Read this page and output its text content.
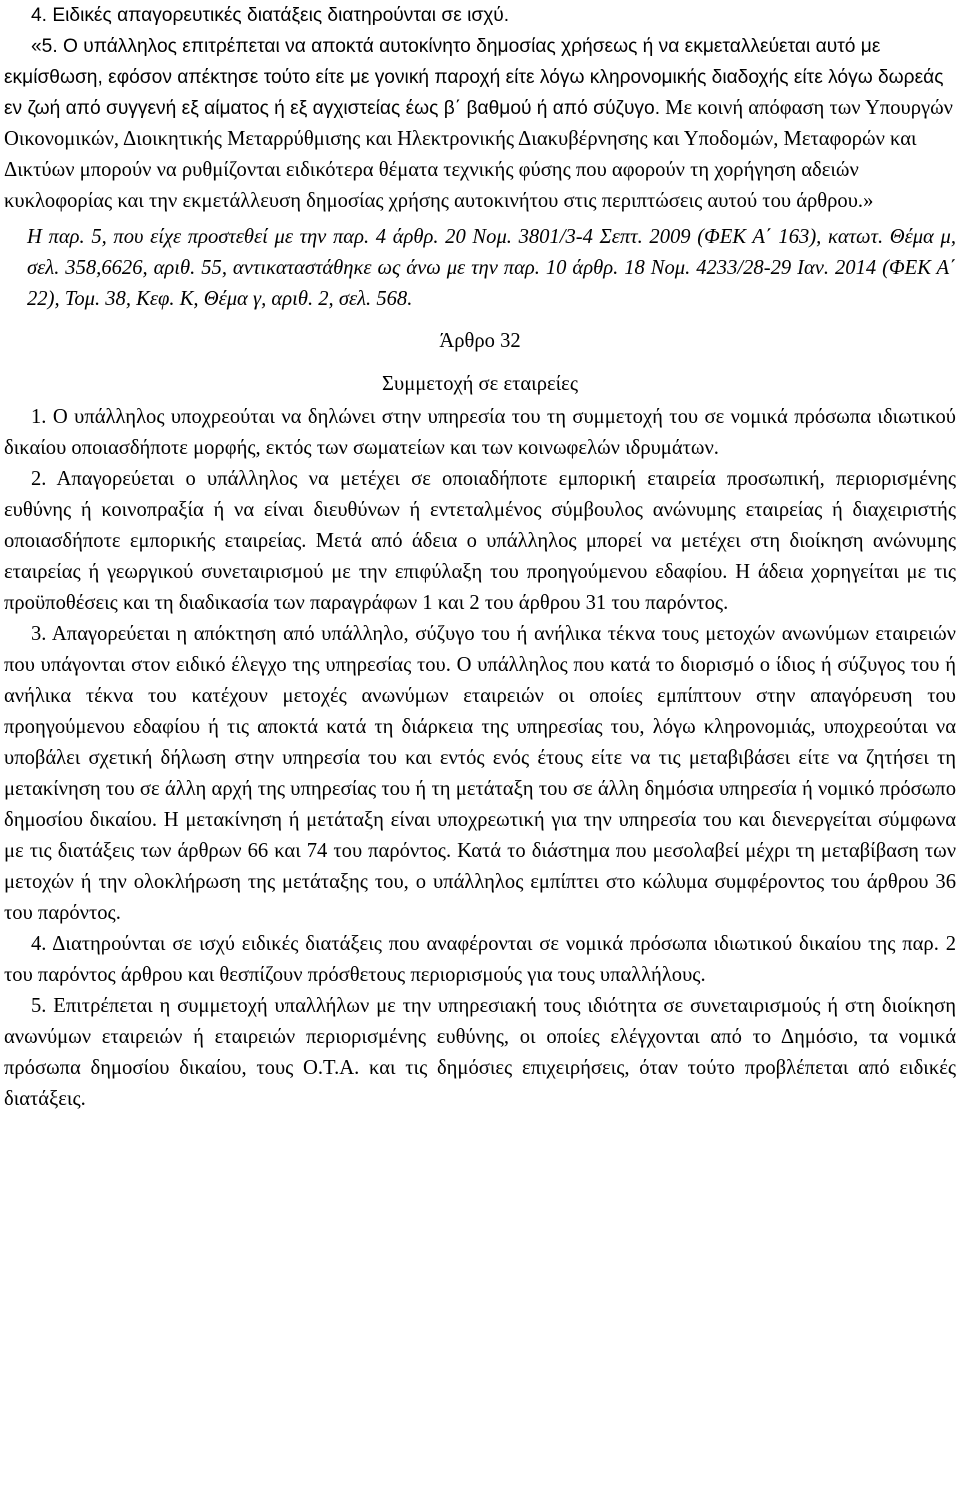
4. Ειδικές απαγορευτικές διατάξεις διατηρούνται σε ισχύ.

«5. Ο υπάλληλος επιτρέπεται να αποκτά αυτοκίνητο δημοσίας χρήσεως ή να εκμεταλλεύεται αυτό με εκμίσθωση, εφόσον απέκτησε τούτο είτε με γονική παροχή είτε λόγω κληρονομικής διαδοχής είτε λόγω δωρεάς εν ζωή από συγγενή εξ αίματος ή εξ αγχιστείας έως β΄ βαθμού ή από σύζυγο. Με κοινή απόφαση των Υπουργών Οικονομικών, Διοικητικής Μεταρρύθμισης και Ηλεκτρονικής Διακυβέρνησης και Υποδομών, Μεταφορών και Δικτύων μπορούν να ρυθμίζονται ειδικότερα θέματα τεχνικής φύσης που αφορούν τη χορήγηση αδειών κυκλοφορίας και την εκμετάλλευση δημοσίας χρήσης αυτοκινήτου στις περιπτώσεις αυτού του άρθρου.»

Η παρ. 5, που είχε προστεθεί με την παρ. 4 άρθρ. 20 Νομ. 3801/3-4 Σεπτ. 2009 (ΦΕΚ Α΄ 163), κατωτ. Θέμα μ, σελ. 358,6626, αριθ. 55, αντικαταστάθηκε ως άνω με την παρ. 10 άρθρ. 18 Νομ. 4233/28-29 Ιαν. 2014 (ΦΕΚ Α΄ 22), Τομ. 38, Κεφ. Κ, Θέμα γ, αριθ. 2, σελ. 568.

Άρθρο 32

Συμμετοχή σε εταιρείες

1. Ο υπάλληλος υποχρεούται να δηλώνει στην υπηρεσία του τη συμμετοχή του σε νομικά πρόσωπα ιδιωτικού δικαίου οποιασδήποτε μορφής, εκτός των σωματείων και των κοινωφελών ιδρυμάτων.

2. Απαγορεύεται ο υπάλληλος να μετέχει σε οποιαδήποτε εμπορική εταιρεία προσωπική, περιορισμένης ευθύνης ή κοινοπραξία ή να είναι διευθύνων ή εντεταλμένος σύμβουλος ανώνυμης εταιρείας ή διαχειριστής οποιασδήποτε εμπορικής εταιρείας. Μετά από άδεια ο υπάλληλος μπορεί να μετέχει στη διοίκηση ανώνυμης εταιρείας ή γεωργικού συνεταιρισμού με την επιφύλαξη του προηγούμενου εδαφίου. Η άδεια χορηγείται με τις προϋποθέσεις και τη διαδικασία των παραγράφων 1 και 2 του άρθρου 31 του παρόντος.

3. Απαγορεύεται η απόκτηση από υπάλληλο, σύζυγο του ή ανήλικα τέκνα τους μετοχών ανωνύμων εταιρειών που υπάγονται στον ειδικό έλεγχο της υπηρεσίας του. Ο υπάλληλος που κατά το διορισμό ο ίδιος ή σύζυγος του ή ανήλικα τέκνα του κατέχουν μετοχές ανωνύμων εταιρειών οι οποίες εμπίπτουν στην απαγόρευση του προηγούμενου εδαφίου ή τις αποκτά κατά τη διάρκεια της υπηρεσίας του, λόγω κληρονομιάς, υποχρεούται να υποβάλει σχετική δήλωση στην υπηρεσία του και εντός ενός έτους είτε να τις μεταβιβάσει είτε να ζητήσει τη μετακίνηση του σε άλλη αρχή της υπηρεσίας του ή τη μετάταξη του σε άλλη δημόσια υπηρεσία ή νομικό πρόσωπο δημοσίου δικαίου. Η μετακίνηση ή μετάταξη είναι υποχρεωτική για την υπηρεσία του και διενεργείται σύμφωνα με τις διατάξεις των άρθρων 66 και 74 του παρόντος. Κατά το διάστημα που μεσολαβεί μέχρι τη μεταβίβαση των μετοχών ή την ολοκλήρωση της μετάταξης του, ο υπάλληλος εμπίπτει στο κώλυμα συμφέροντος του άρθρου 36 του παρόντος.

4. Διατηρούνται σε ισχύ ειδικές διατάξεις που αναφέρονται σε νομικά πρόσωπα ιδιωτικού δικαίου της παρ. 2 του παρόντος άρθρου και θεσπίζουν πρόσθετους περιορισμούς για τους υπαλλήλους.

5. Επιτρέπεται η συμμετοχή υπαλλήλων με την υπηρεσιακή τους ιδιότητα σε συνεταιρισμούς ή στη διοίκηση ανωνύμων εταιρειών ή εταιρειών περιορισμένης ευθύνης, οι οποίες ελέγχονται από το Δημόσιο, τα νομικά πρόσωπα δημοσίου δικαίου, τους Ο.Τ.Α. και τις δημόσιες επιχειρήσεις, όταν τούτο προβλέπεται από ειδικές διατάξεις.
